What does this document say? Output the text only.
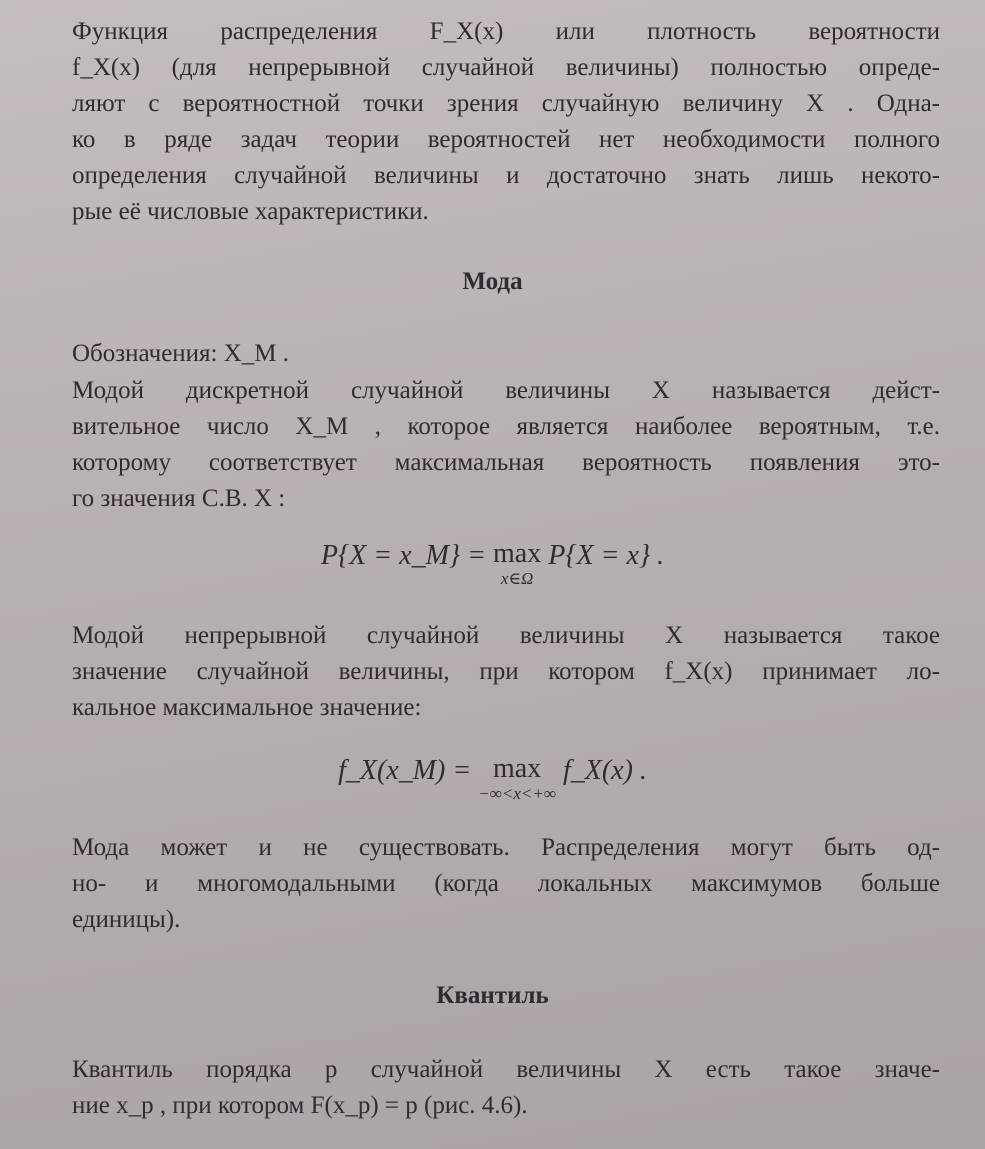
Функция распределения F_X(x) или плотность вероятности
f_X(x) (для непрерывной случайной величины) полностью опреде-
ляют с вероятностной точки зрения случайную величину X . Одна-
ко в ряде задач теории вероятностей нет необходимости полного
определения случайной величины и достаточно знать лишь некото-
рые её числовые характеристики.

Мода

Обозначения: X_M .

Модой дискретной случайной величины X называется дейст-
вительное число X_M , которое является наиболее вероятным, т.е.
которому соответствует максимальная вероятность появления это-
го значения С.В. X :

P{X = x_M} = max
x∈Ω
P{X = x} .

Модой непрерывной случайной величины X называется такое
значение случайной величины, при котором f_X(x) принимает ло-
кальное максимальное значение:

f_X(x_M) = max
−∞<x<+∞
f_X(x) .

Мода может и не существовать. Распределения могут быть од-
но- и многомодальными (когда локальных максимумов больше
единицы).

Квантиль

Квантиль порядка p случайной величины X есть такое значе-
ние x_p , при котором F(x_p) = p (рис. 4.6).
